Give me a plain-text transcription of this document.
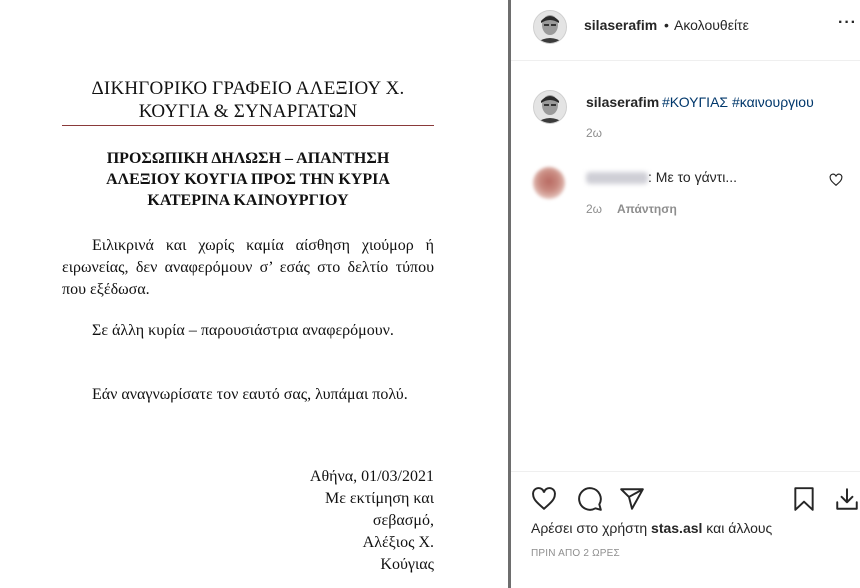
ΔΙΚΗΓΟΡΙΚΟ ΓΡΑΦΕΙΟ ΑΛΕΞΙΟΥ Χ.
ΚΟΥΓΙΑ & ΣΥΝΑΡΓΑΤΩΝ
ΠΡΟΣΩΠΙΚΗ ΔΗΛΩΣΗ – ΑΠΑΝΤΗΣΗ
ΑΛΕΞΙΟΥ ΚΟΥΓΙΑ ΠΡΟΣ ΤΗΝ ΚΥΡΙΑ
ΚΑΤΕΡΙΝΑ ΚΑΙΝΟΥΡΓΙΟΥ
Ειλικρινά και χωρίς καμία αίσθηση χιούμορ ή ειρωνείας, δεν αναφερόμουν σ’ εσάς στο δελτίο τύπου που εξέδωσα.
Σε άλλη κυρία – παρουσιάστρια αναφερόμουν.
Εάν αναγνωρίσατε τον εαυτό σας, λυπάμαι πολύ.
Αθήνα, 01/03/2021
Με εκτίμηση και
σεβασμό,
Αλέξιος Χ.
Κούγιας
silaserafim • Ακολουθείτε	···
silaserafim #ΚΟΥΓΙΑΣ #καινουργιου
2ω
: Με το γάντι...
2ω Απάντηση
Αρέσει στο χρήστη stas.asl και άλλους
ΠΡΙΝ ΑΠΟ 2 ΩΡΕΣ
